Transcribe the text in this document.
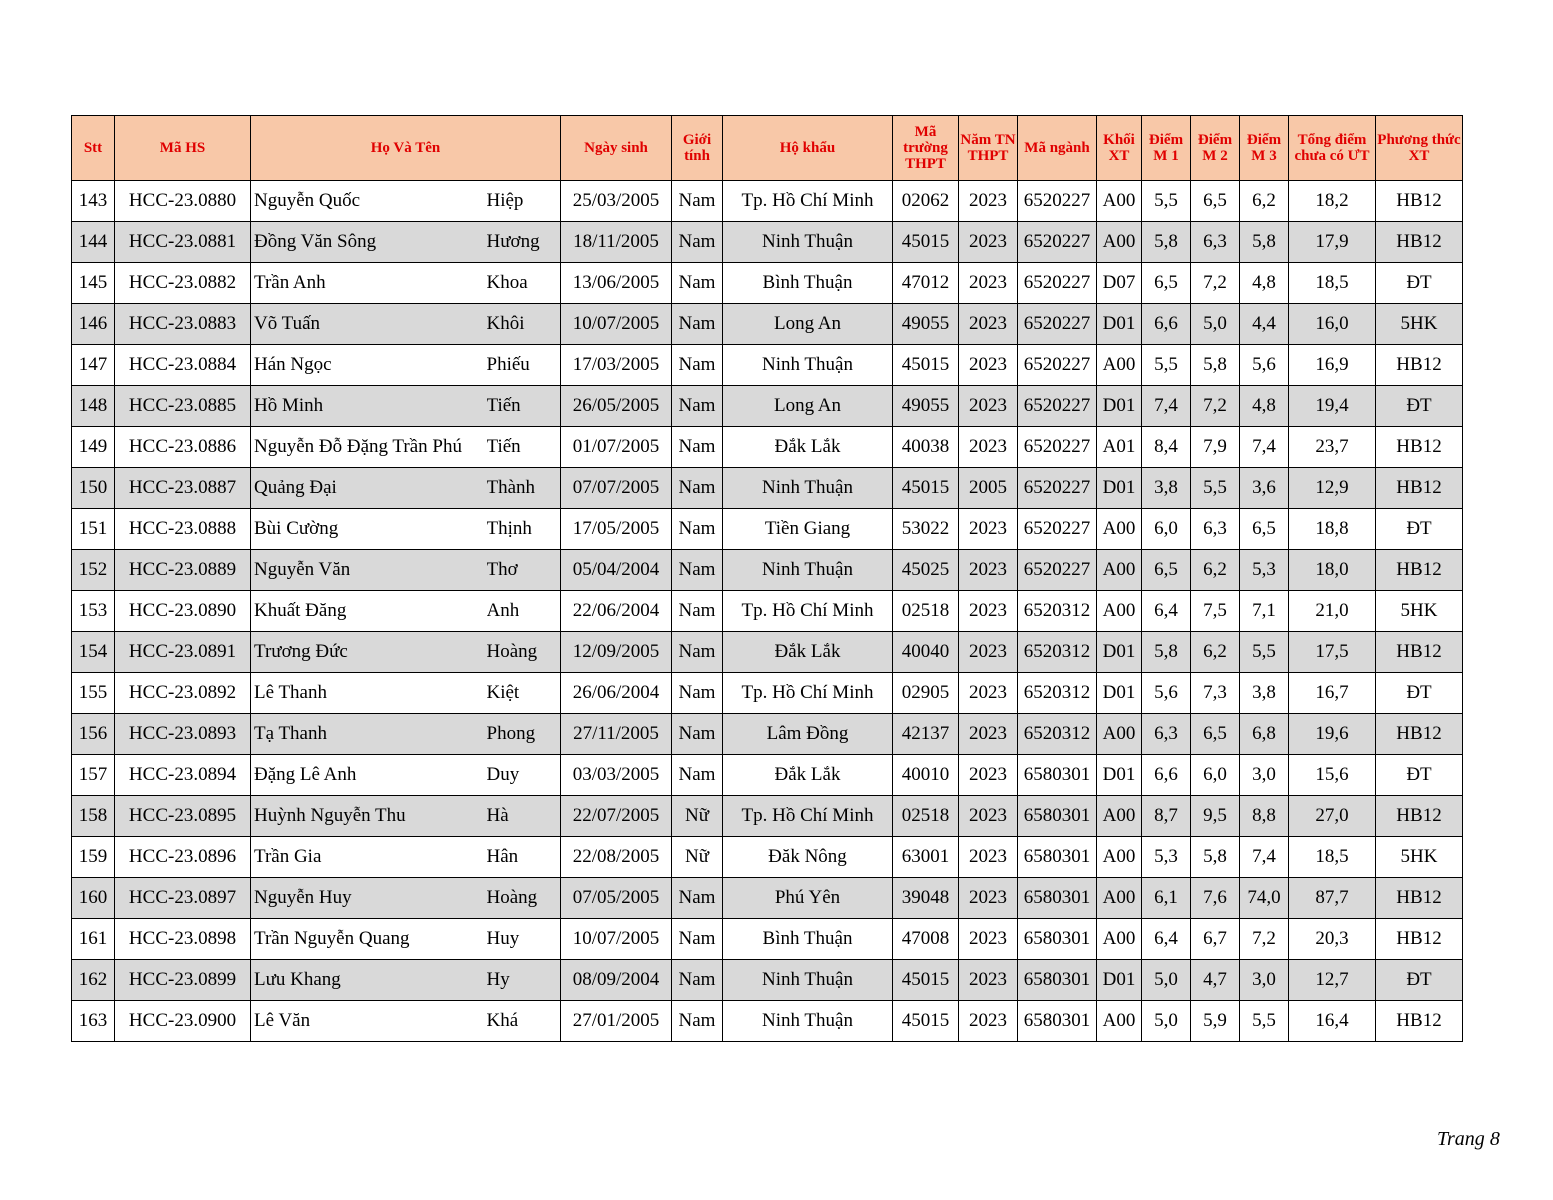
Stt	Mã HS	Họ Và Tên		Ngày sinh	Giới tính	Hộ khẩu	Mã trường THPT	Năm TN THPT	Mã ngành	Khối XT	Điểm M 1	Điểm M 2	Điểm M 3	Tổng điểm chưa có ƯT	Phương thức XT
143	HCC-23.0880	Nguyễn Quốc	Hiệp	25/03/2005	Nam	Tp. Hồ Chí Minh	02062	2023	6520227	A00	5,5	6,5	6,2	18,2	HB12
144	HCC-23.0881	Đồng Văn Sông	Hương	18/11/2005	Nam	Ninh Thuận	45015	2023	6520227	A00	5,8	6,3	5,8	17,9	HB12
145	HCC-23.0882	Trần Anh	Khoa	13/06/2005	Nam	Bình Thuận	47012	2023	6520227	D07	6,5	7,2	4,8	18,5	ĐT
146	HCC-23.0883	Võ Tuấn	Khôi	10/07/2005	Nam	Long An	49055	2023	6520227	D01	6,6	5,0	4,4	16,0	5HK
147	HCC-23.0884	Hán Ngọc	Phiếu	17/03/2005	Nam	Ninh Thuận	45015	2023	6520227	A00	5,5	5,8	5,6	16,9	HB12
148	HCC-23.0885	Hồ Minh	Tiến	26/05/2005	Nam	Long An	49055	2023	6520227	D01	7,4	7,2	4,8	19,4	ĐT
149	HCC-23.0886	Nguyễn Đỗ Đặng Trần Phú	Tiến	01/07/2005	Nam	Đắk Lắk	40038	2023	6520227	A01	8,4	7,9	7,4	23,7	HB12
150	HCC-23.0887	Quảng Đại	Thành	07/07/2005	Nam	Ninh Thuận	45015	2005	6520227	D01	3,8	5,5	3,6	12,9	HB12
151	HCC-23.0888	Bùi Cường	Thịnh	17/05/2005	Nam	Tiền Giang	53022	2023	6520227	A00	6,0	6,3	6,5	18,8	ĐT
152	HCC-23.0889	Nguyễn Văn	Thơ	05/04/2004	Nam	Ninh Thuận	45025	2023	6520227	A00	6,5	6,2	5,3	18,0	HB12
153	HCC-23.0890	Khuất Đăng	Anh	22/06/2004	Nam	Tp. Hồ Chí Minh	02518	2023	6520312	A00	6,4	7,5	7,1	21,0	5HK
154	HCC-23.0891	Trương Đức	Hoàng	12/09/2005	Nam	Đắk Lắk	40040	2023	6520312	D01	5,8	6,2	5,5	17,5	HB12
155	HCC-23.0892	Lê Thanh	Kiệt	26/06/2004	Nam	Tp. Hồ Chí Minh	02905	2023	6520312	D01	5,6	7,3	3,8	16,7	ĐT
156	HCC-23.0893	Tạ Thanh	Phong	27/11/2005	Nam	Lâm Đồng	42137	2023	6520312	A00	6,3	6,5	6,8	19,6	HB12
157	HCC-23.0894	Đặng Lê Anh	Duy	03/03/2005	Nam	Đắk Lắk	40010	2023	6580301	D01	6,6	6,0	3,0	15,6	ĐT
158	HCC-23.0895	Huỳnh Nguyễn Thu	Hà	22/07/2005	Nữ	Tp. Hồ Chí Minh	02518	2023	6580301	A00	8,7	9,5	8,8	27,0	HB12
159	HCC-23.0896	Trần Gia	Hân	22/08/2005	Nữ	Đăk Nông	63001	2023	6580301	A00	5,3	5,8	7,4	18,5	5HK
160	HCC-23.0897	Nguyễn Huy	Hoàng	07/05/2005	Nam	Phú Yên	39048	2023	6580301	A00	6,1	7,6	74,0	87,7	HB12
161	HCC-23.0898	Trần Nguyễn Quang	Huy	10/07/2005	Nam	Bình Thuận	47008	2023	6580301	A00	6,4	6,7	7,2	20,3	HB12
162	HCC-23.0899	Lưu Khang	Hy	08/09/2004	Nam	Ninh Thuận	45015	2023	6580301	D01	5,0	4,7	3,0	12,7	ĐT
163	HCC-23.0900	Lê Văn	Khá	27/01/2005	Nam	Ninh Thuận	45015	2023	6580301	A00	5,0	5,9	5,5	16,4	HB12
Trang 8
